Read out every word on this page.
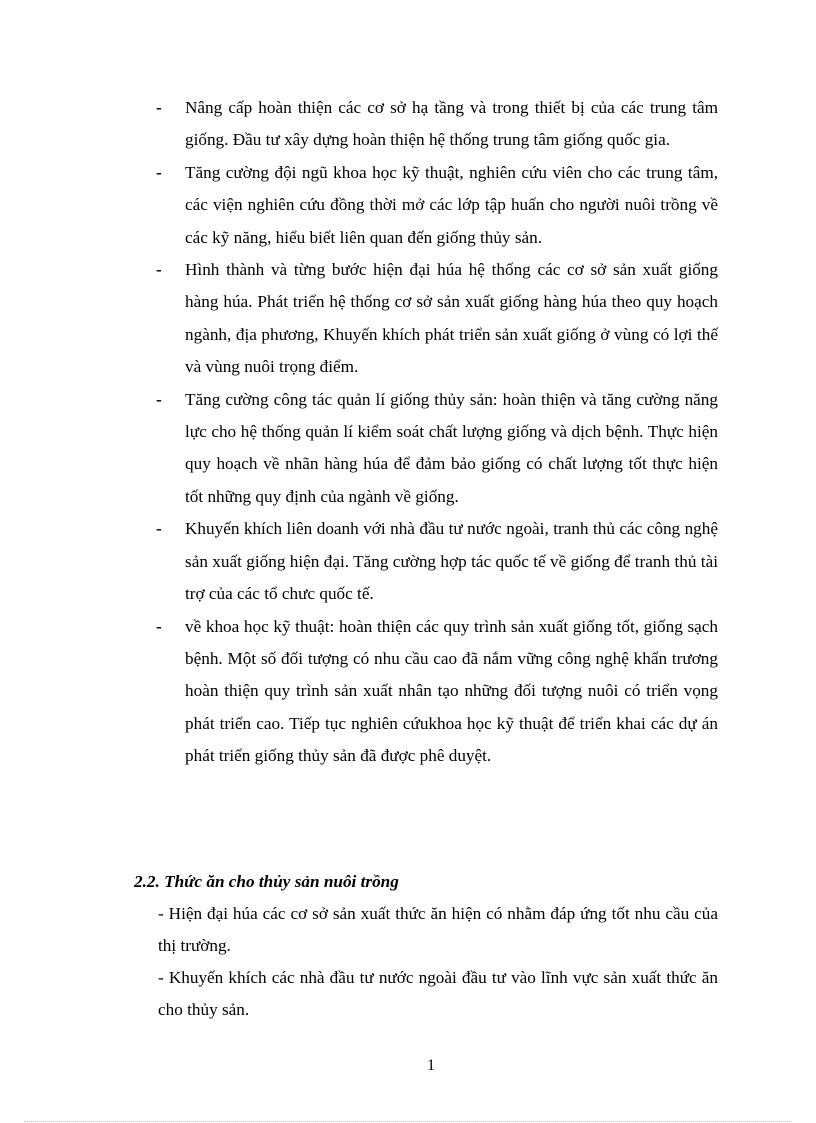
- Nâng cấp hoàn thiện các cơ sở hạ tầng và trong thiết bị của các trung tâm giống. Đầu tư xây dựng hoàn thiện hệ thống trung tâm giống quốc gia.
- Tăng cường đội ngũ khoa học kỹ thuật, nghiên cứu viên cho các trung tâm, các viện nghiên cứu đồng thời mở các lớp tập huấn cho người nuôi trồng về các kỹ năng, hiểu biết liên quan đến giống thủy sản.
- Hình thành và từng bước hiện đại húa hệ thống các cơ sở sản xuất giống hàng húa. Phát triển hệ thống cơ sở sản xuất giống hàng húa theo quy hoạch ngành, địa phương, Khuyến khích phát triển sản xuất giống ở vùng có lợi thế và vùng nuôi trọng điểm.
- Tăng cường công tác quản lí giống thủy sản: hoàn thiện và tăng cường năng lực cho hệ thống quản lí kiểm soát chất lượng giống và dịch bệnh. Thực hiện quy hoạch về nhãn hàng húa để đảm bảo giống có chất lượng tốt thực hiện tốt những quy định của ngành về giống.
- Khuyến khích liên doanh với nhà đầu tư nước ngoài, tranh thủ các công nghệ sản xuất giống hiện đại. Tăng cường hợp tác quốc tế về giống để tranh thủ tài trợ của các tổ chưc quốc tế.
- về khoa học kỹ thuật: hoàn thiện các quy trình sản xuất giống tốt, giống sạch bệnh. Một số đối tượng có nhu cầu cao đã nắm vững công nghệ khẩn trương hoàn thiện quy trình sản xuất nhân tạo những đối tượng nuôi có triển vọng phát triển cao. Tiếp tục nghiên cứukhoa học kỹ thuật để triển khai các dự án phát triển giống thủy sản đã được phê duyệt.
2.2. Thức ăn cho thủy sản nuôi trồng

- Hiện đại húa các cơ sở sản xuất thức ăn hiện có nhằm đáp ứng tốt nhu cầu của thị trường.

- Khuyến khích các nhà đầu tư nước ngoài đầu tư vào lĩnh vực sản xuất thức ăn cho thủy sản.

1
